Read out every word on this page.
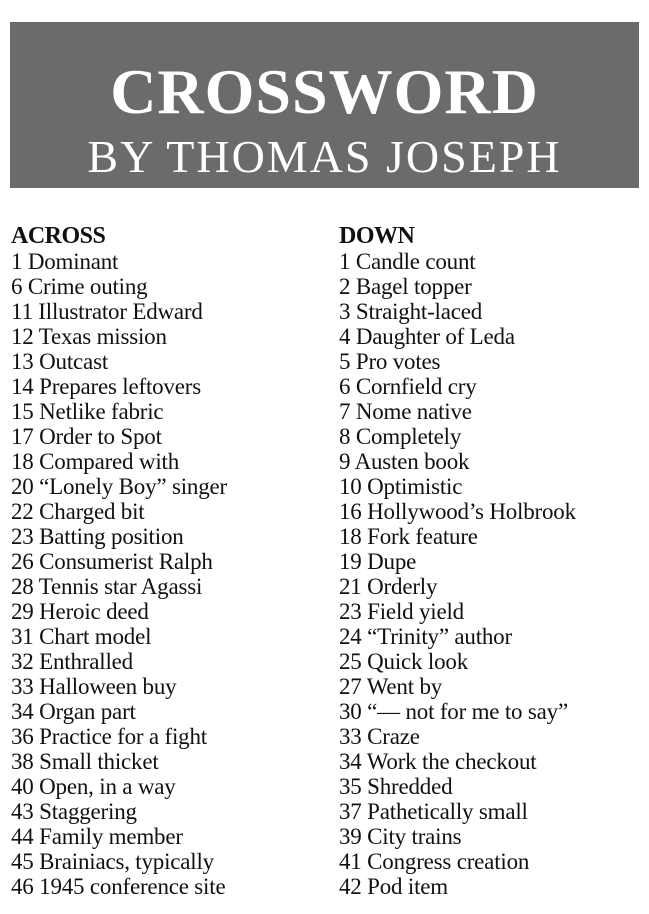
CROSSWORD
BY THOMAS JOSEPH
ACROSS
1 Dominant
6 Crime outing
11 Illustrator Edward
12 Texas mission
13 Outcast
14 Prepares leftovers
15 Netlike fabric
17 Order to Spot
18 Compared with
20 “Lonely Boy” singer
22 Charged bit
23 Batting position
26 Consumerist Ralph
28 Tennis star Agassi
29 Heroic deed
31 Chart model
32 Enthralled
33 Halloween buy
34 Organ part
36 Practice for a fight
38 Small thicket
40 Open, in a way
43 Staggering
44 Family member
45 Brainiacs, typically
46 1945 conference site
DOWN
1 Candle count
2 Bagel topper
3 Straight-laced
4 Daughter of Leda
5 Pro votes
6 Cornfield cry
7 Nome native
8 Completely
9 Austen book
10 Optimistic
16 Hollywood’s Holbrook
18 Fork feature
19 Dupe
21 Orderly
23 Field yield
24 “Trinity” author
25 Quick look
27 Went by
30 “— not for me to say”
33 Craze
34 Work the checkout
35 Shredded
37 Pathetically small
39 City trains
41 Congress creation
42 Pod item
